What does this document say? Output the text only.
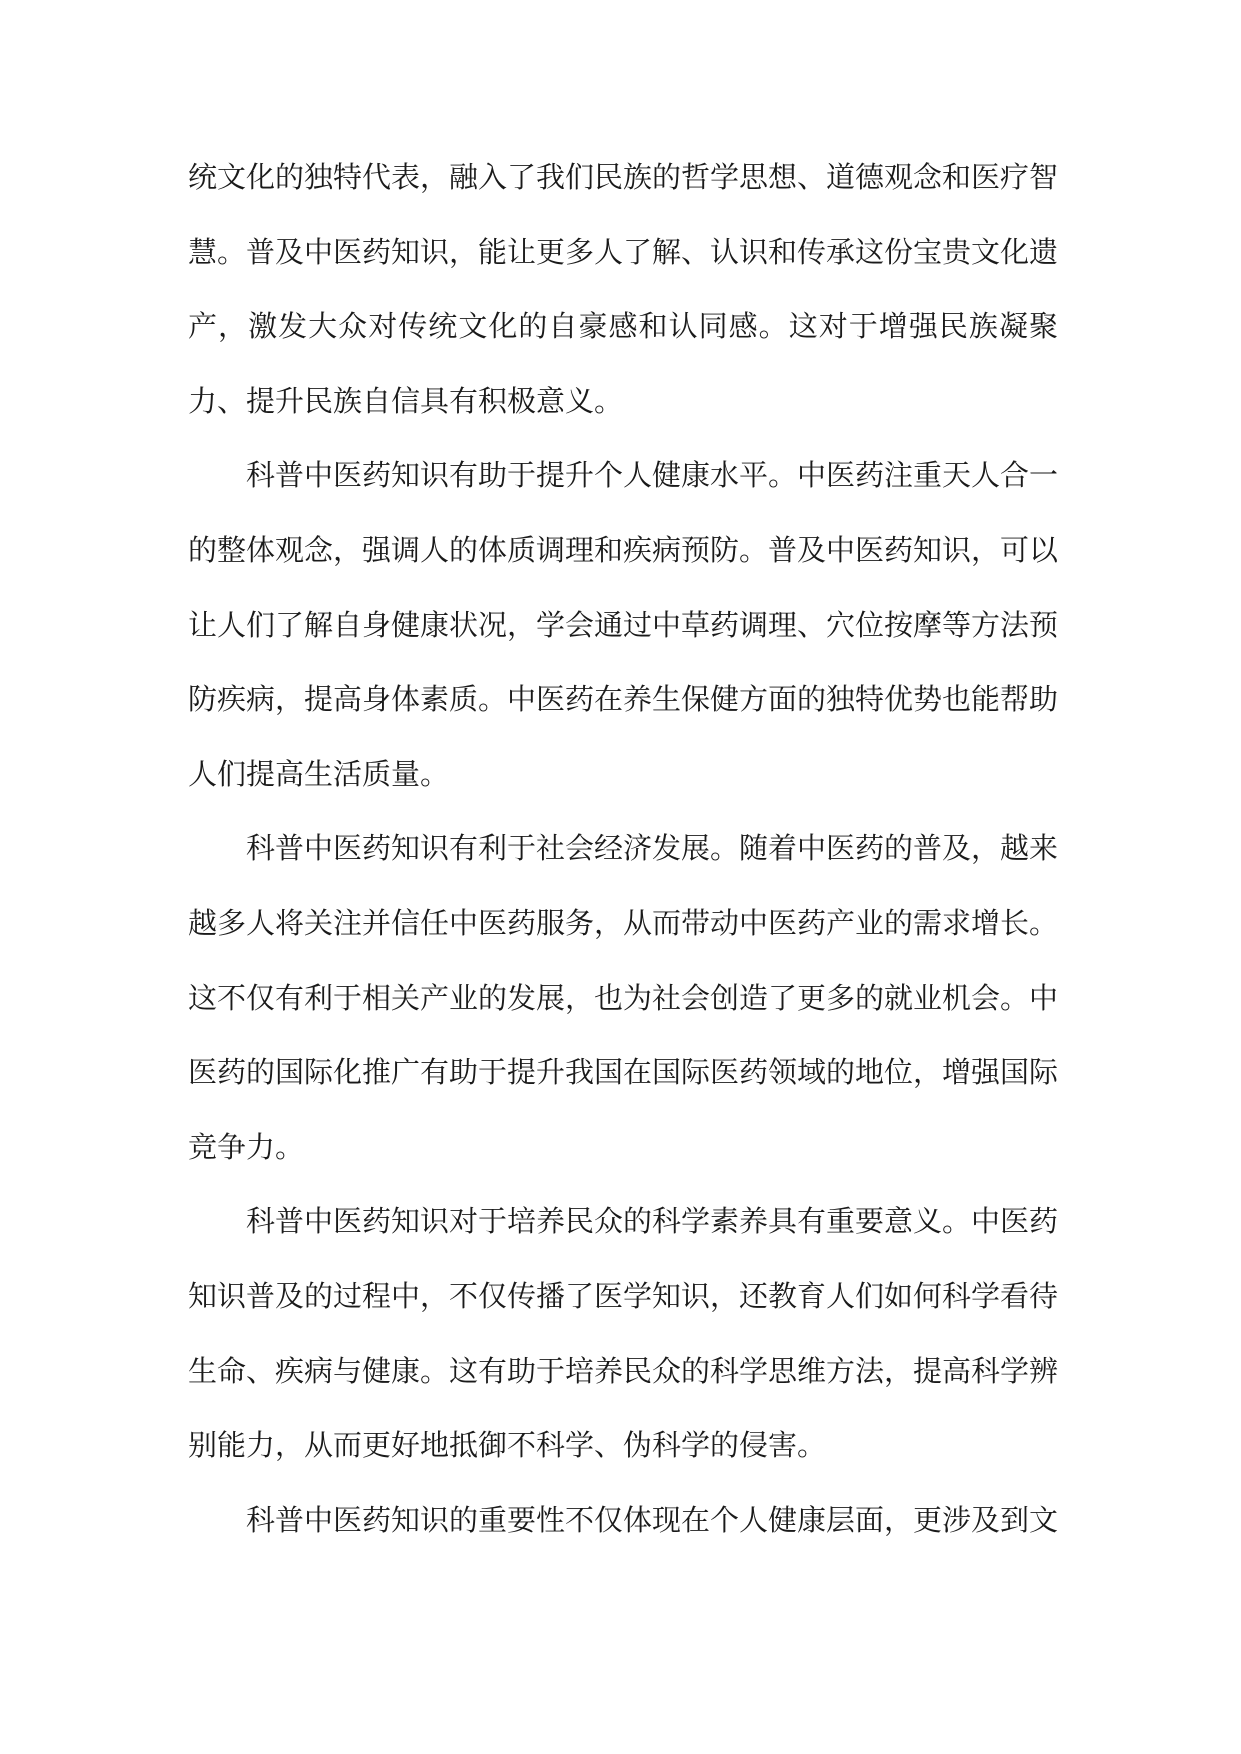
统文化的独特代表，融入了我们民族的哲学思想、道德观念和医疗智慧。普及中医药知识，能让更多人了解、认识和传承这份宝贵文化遗产，激发大众对传统文化的自豪感和认同感。这对于增强民族凝聚力、提升民族自信具有积极意义。

科普中医药知识有助于提升个人健康水平。中医药注重天人合一的整体观念，强调人的体质调理和疾病预防。普及中医药知识，可以让人们了解自身健康状况，学会通过中草药调理、穴位按摩等方法预防疾病，提高身体素质。中医药在养生保健方面的独特优势也能帮助人们提高生活质量。

科普中医药知识有利于社会经济发展。随着中医药的普及，越来越多人将关注并信任中医药服务，从而带动中医药产业的需求增长。这不仅有利于相关产业的发展，也为社会创造了更多的就业机会。中医药的国际化推广有助于提升我国在国际医药领域的地位，增强国际竞争力。

科普中医药知识对于培养民众的科学素养具有重要意义。中医药知识普及的过程中，不仅传播了医学知识，还教育人们如何科学看待生命、疾病与健康。这有助于培养民众的科学思维方法，提高科学辨别能力，从而更好地抵御不科学、伪科学的侵害。

科普中医药知识的重要性不仅体现在个人健康层面，更涉及到文
